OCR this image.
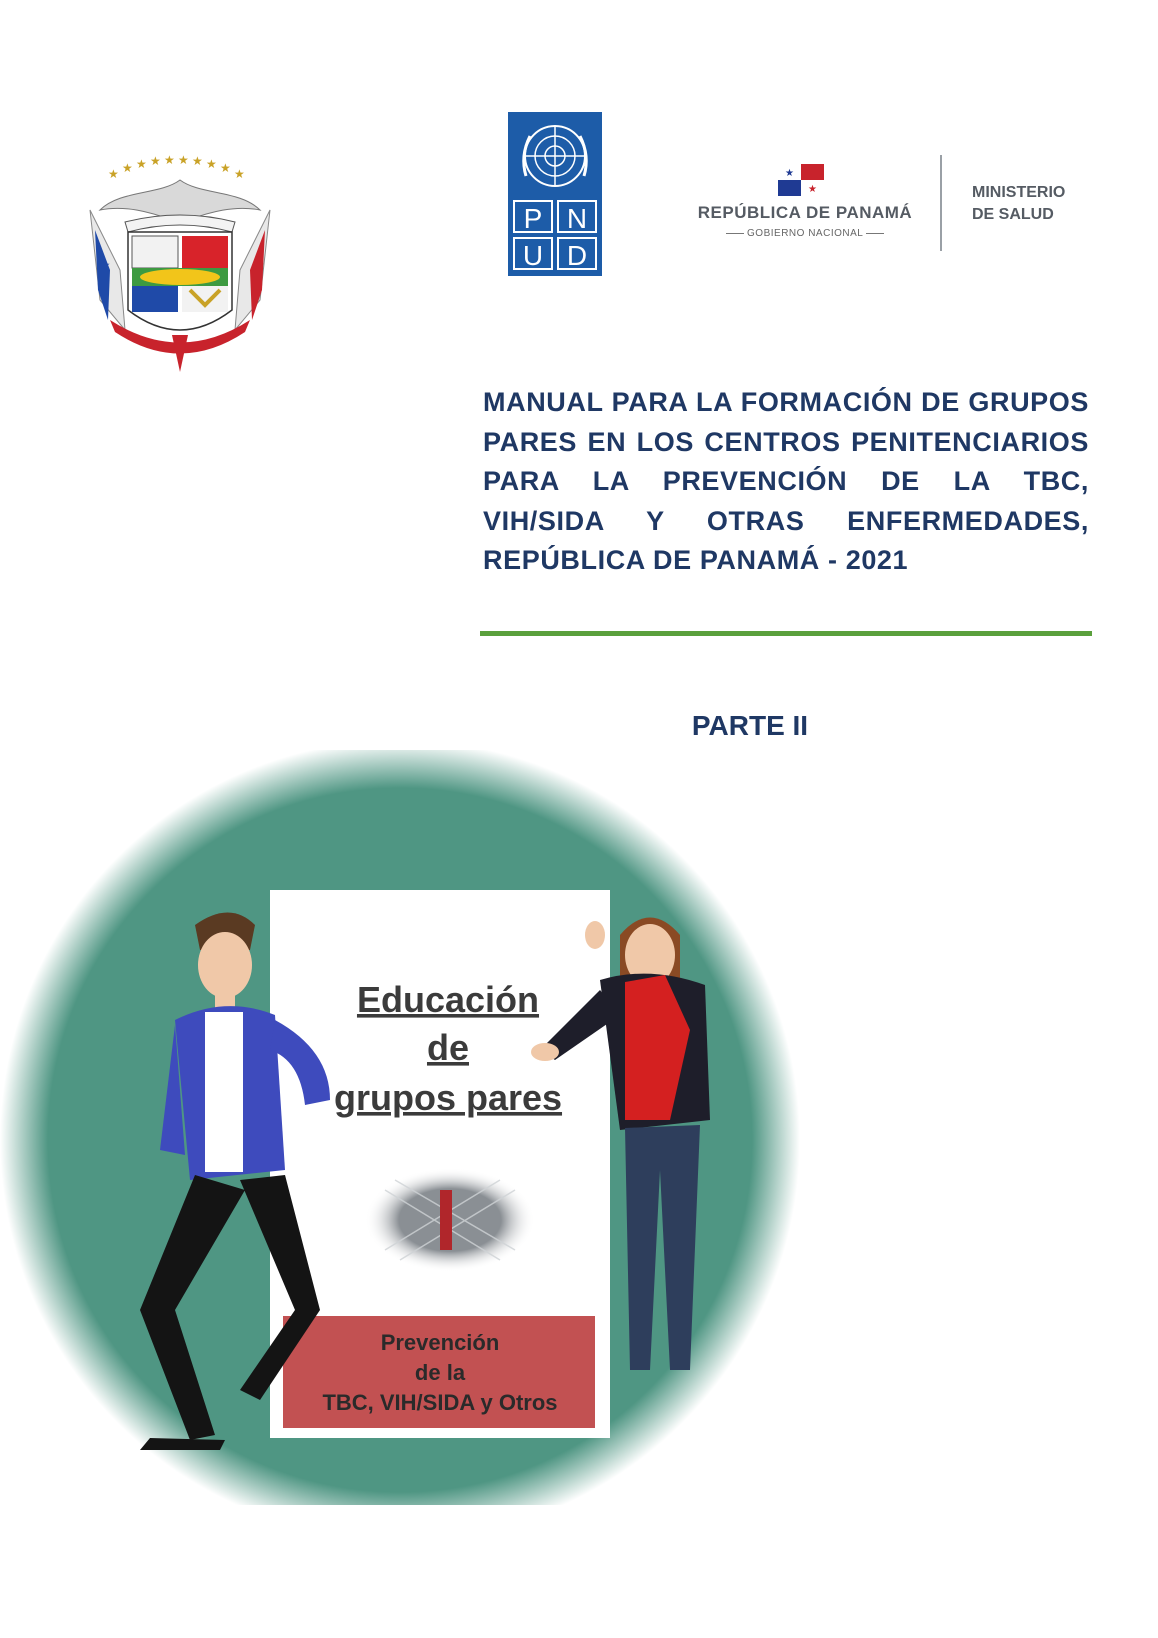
★ ★ ★ ★ ★ ★ ★ ★ ★ ★
★	★
P N
U D
★
★
REPÚBLICA DE PANAMÁ
GOBIERNO NACIONAL
MINISTERIO
DE SALUD
MANUAL PARA LA FORMACIÓN DE GRUPOS PARES EN LOS CENTROS PENITENCIARIOS PARA LA PREVENCIÓN DE LA TBC, VIH/SIDA Y OTRAS ENFERMEDADES, REPÚBLICA DE PANAMÁ - 2021
PARTE II
Educación
de
grupos pares
Prevención
de la
TBC, VIH/SIDA y Otros
